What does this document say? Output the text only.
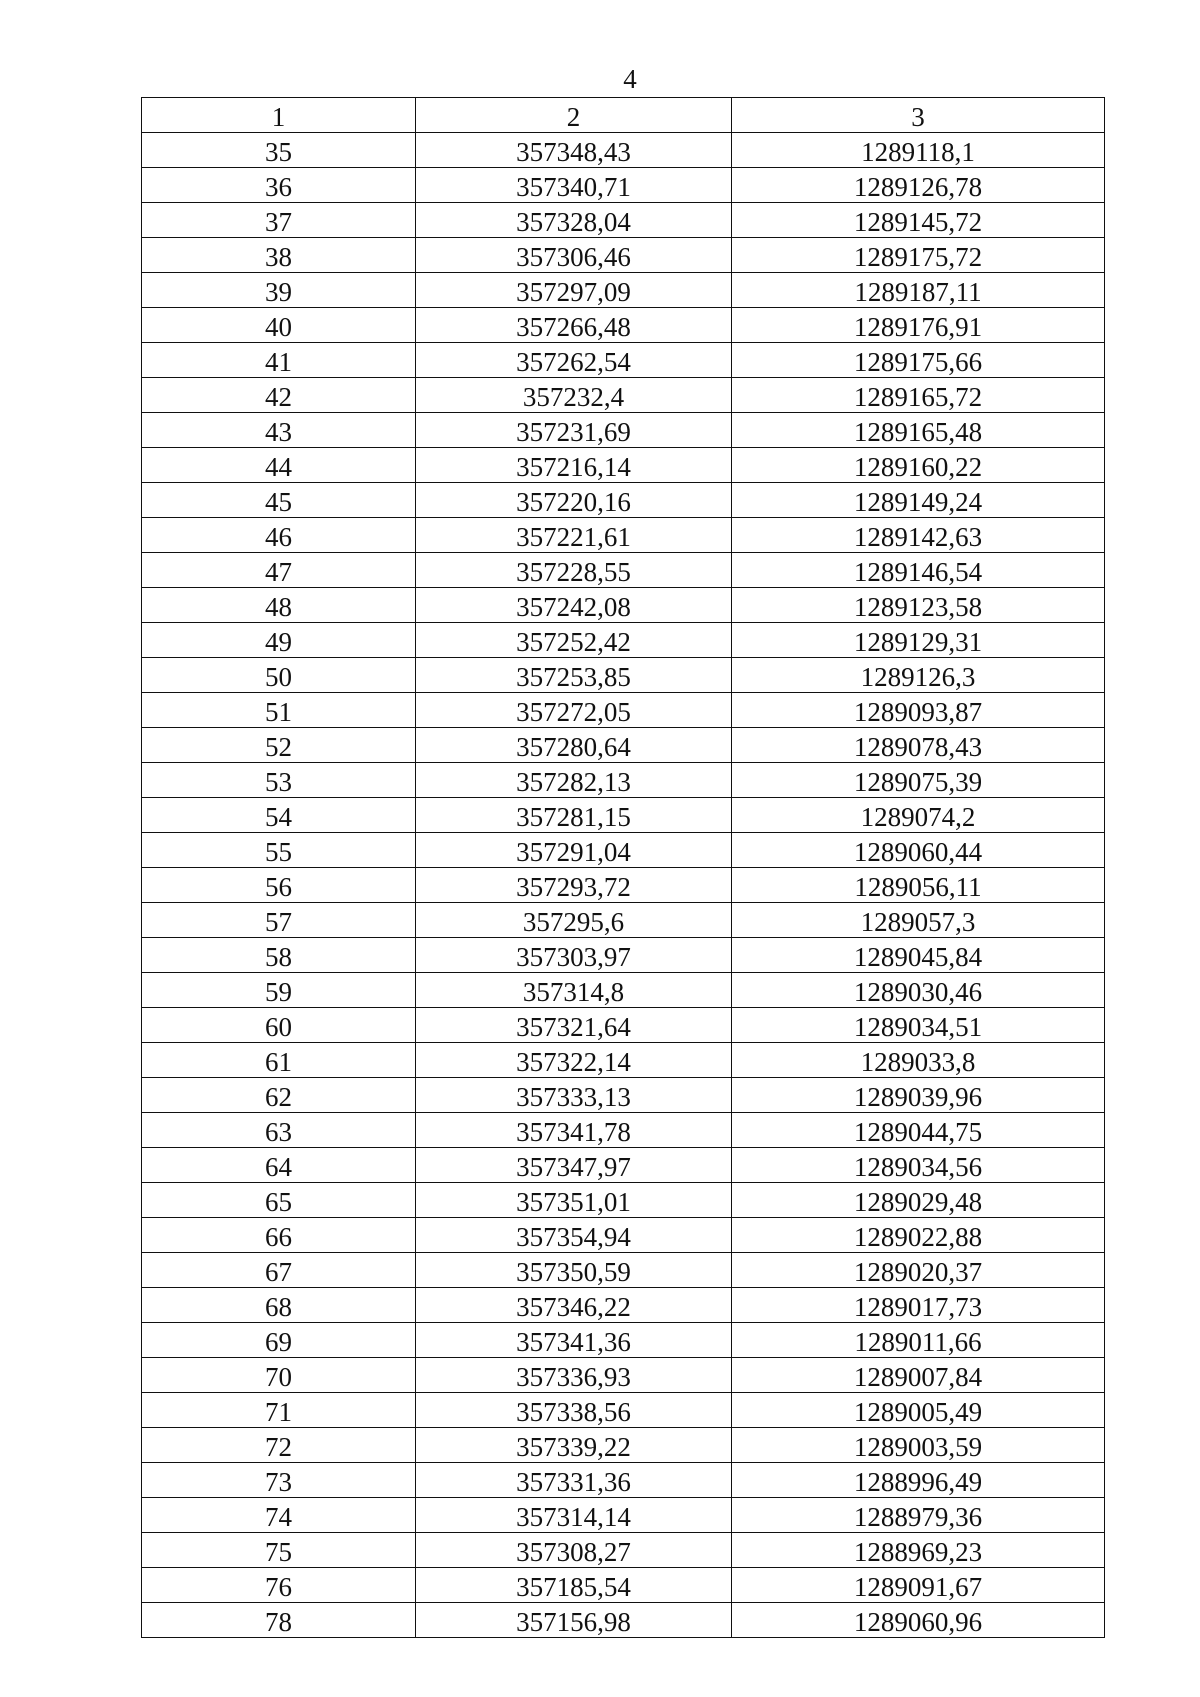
4
1	2	3
35	357348,43	1289118,1
36	357340,71	1289126,78
37	357328,04	1289145,72
38	357306,46	1289175,72
39	357297,09	1289187,11
40	357266,48	1289176,91
41	357262,54	1289175,66
42	357232,4	1289165,72
43	357231,69	1289165,48
44	357216,14	1289160,22
45	357220,16	1289149,24
46	357221,61	1289142,63
47	357228,55	1289146,54
48	357242,08	1289123,58
49	357252,42	1289129,31
50	357253,85	1289126,3
51	357272,05	1289093,87
52	357280,64	1289078,43
53	357282,13	1289075,39
54	357281,15	1289074,2
55	357291,04	1289060,44
56	357293,72	1289056,11
57	357295,6	1289057,3
58	357303,97	1289045,84
59	357314,8	1289030,46
60	357321,64	1289034,51
61	357322,14	1289033,8
62	357333,13	1289039,96
63	357341,78	1289044,75
64	357347,97	1289034,56
65	357351,01	1289029,48
66	357354,94	1289022,88
67	357350,59	1289020,37
68	357346,22	1289017,73
69	357341,36	1289011,66
70	357336,93	1289007,84
71	357338,56	1289005,49
72	357339,22	1289003,59
73	357331,36	1288996,49
74	357314,14	1288979,36
75	357308,27	1288969,23
76	357185,54	1289091,67
78	357156,98	1289060,96
